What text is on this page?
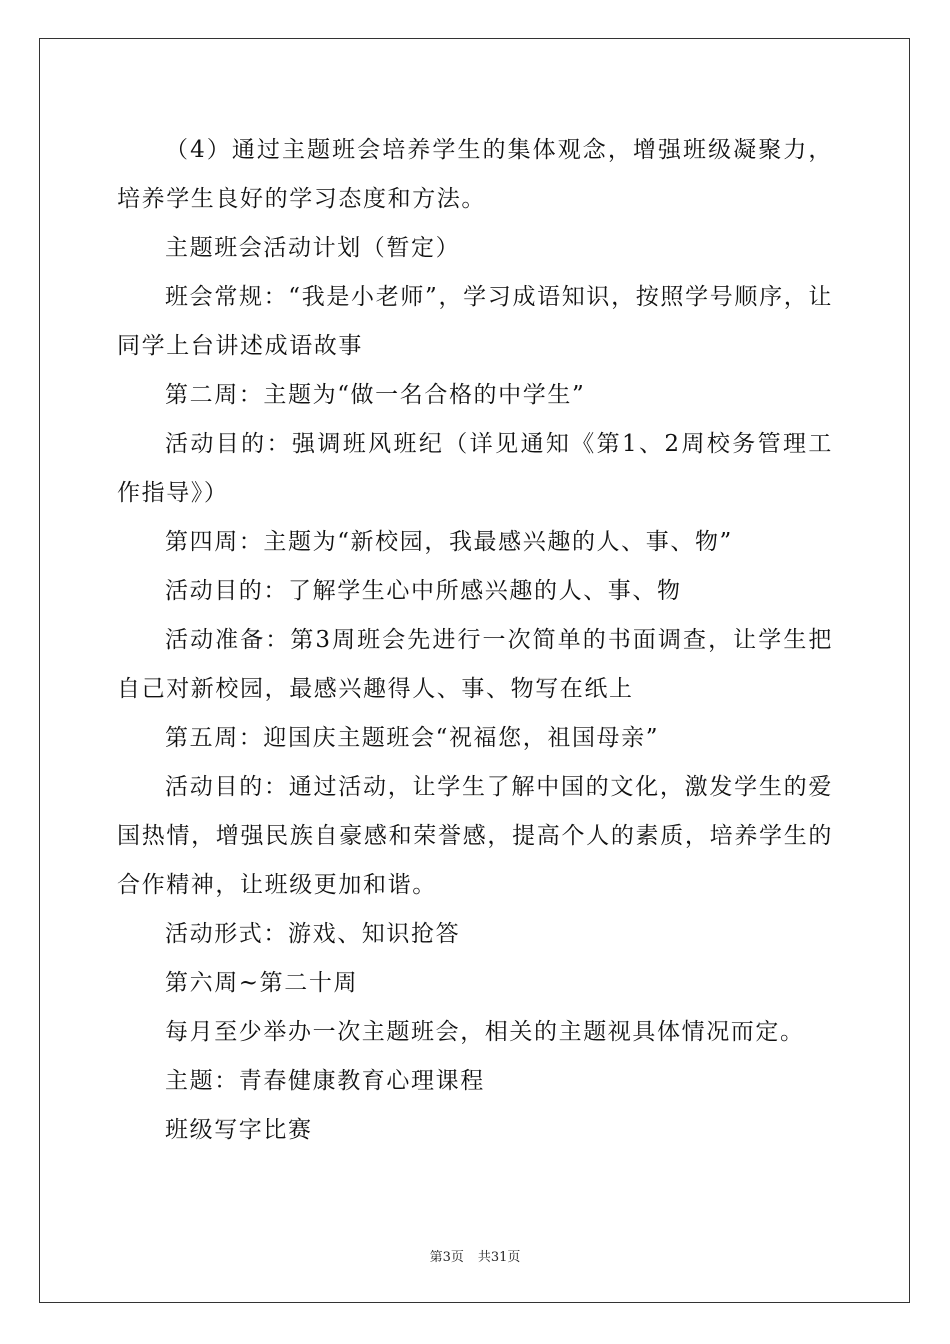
（4）通过主题班会培养学生的集体观念，增强班级凝聚力，培养学生良好的学习态度和方法。

主题班会活动计划（暂定）

班会常规：“我是小老师”，学习成语知识，按照学号顺序，让同学上台讲述成语故事

第二周：主题为“做一名合格的中学生”

活动目的：强调班风班纪（详见通知《第1、2周校务管理工作指导》）

第四周：主题为“新校园，我最感兴趣的人、事、物”

活动目的：了解学生心中所感兴趣的人、事、物

活动准备：第3周班会先进行一次简单的书面调查，让学生把自己对新校园，最感兴趣得人、事、物写在纸上

第五周：迎国庆主题班会“祝福您，祖国母亲”

活动目的：通过活动，让学生了解中国的文化，激发学生的爱国热情，增强民族自豪感和荣誉感，提高个人的素质，培养学生的合作精神，让班级更加和谐。

活动形式：游戏、知识抢答

第六周~第二十周

每月至少举办一次主题班会，相关的主题视具体情况而定。

主题：青春健康教育心理课程

班级写字比赛

第3页 共31页
